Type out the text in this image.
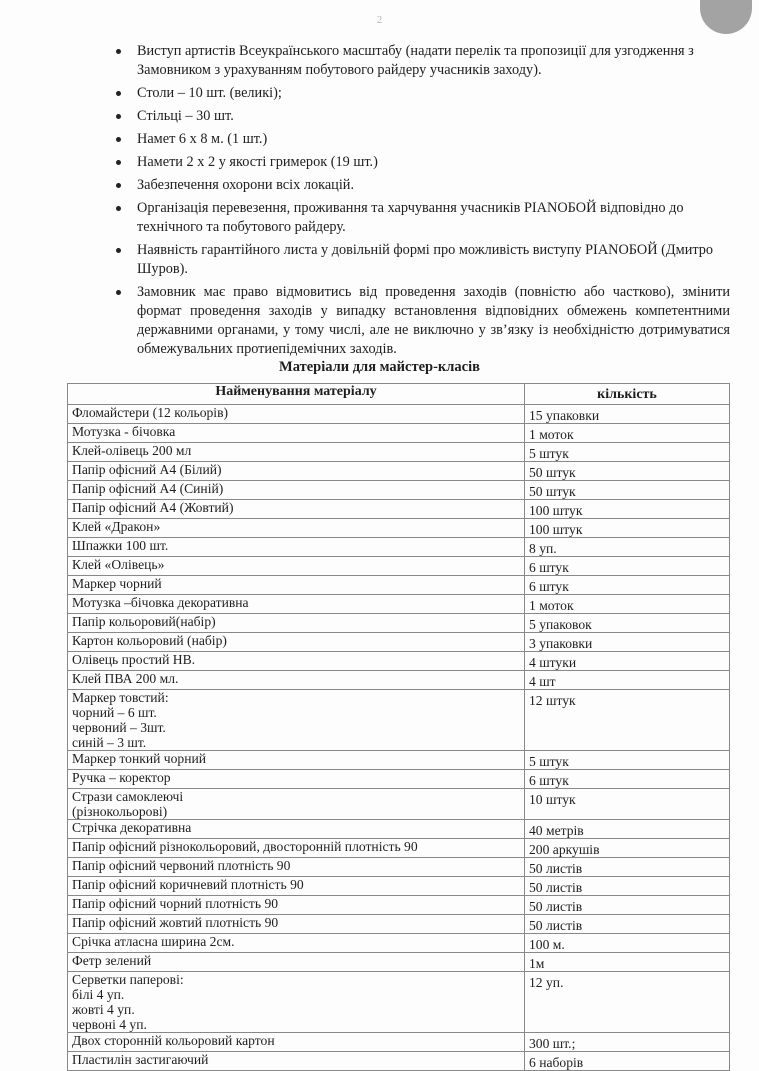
2
Виступ артистів Всеукраїнського масштабу (надати перелік та пропозиції для узгодження з Замовником з урахуванням побутового райдеру учасників заходу).
Столи – 10 шт. (великі);
Стільці – 30 шт.
Намет 6 х 8 м. (1 шт.)
Намети 2 х 2 у якості гримерок (19 шт.)
Забезпечення охорони всіх локацій.
Організація перевезення, проживання та харчування учасників PIANOБОЙ відповідно до технічного та побутового райдеру.
Наявність гарантійного листа у довільній формі про можливість виступу PIANOБОЙ (Дмитро Шуров).
Замовник має право відмовитись від проведення заходів (повністю або частково), змінити формат проведення заходів у випадку встановлення відповідних обмежень компетентними державними органами, у тому числі, але не виключно у зв’язку із необхідністю дотримуватися обмежувальних протиепідемічних заходів.
Матеріали для майстер-класів
Найменування матеріалу	кількість
Фломайстери (12 кольорів)	15 упаковки
Мотузка - бічовка	1 моток
Клей-олівець 200 мл	5 штук
Папір офісний А4 (Білий)	50 штук
Папір офісний А4 (Синій)	50 штук
Папір офісний А4 (Жовтий)	100 штук
Клей «Дракон»	100 штук
Шпажки 100 шт.	8 уп.
Клей «Олівець»	6 штук
Маркер чорний	6 штук
Мотузка –бічовка декоративна	1 моток
Папір кольоровий(набір)	5 упаковок
Картон кольоровий (набір)	3 упаковки
Олівець простий НВ.	4 штуки
Клей ПВА 200 мл.	4 шт

Маркер товстий:
чорний – 6 шт.
червоний – 3шт.
синій – 3 шт.	12 штук
Маркер тонкий чорний	5 штук
Ручка – коректор	6 штук

Стрази самоклеючі
(різнокольорові)	10 штук
Стрічка декоративна	40 метрів
Папір офісний різнокольоровий, двосторонній плотність 90	200 аркушів
Папір офісний червоний плотність 90	50 листів
Папір офісний коричневий плотність 90	50 листів
Папір офісний чорний плотність 90	50 листів
Папір офісний жовтий плотність 90	50 листів
Срічка атласна ширина 2см.	100 м.
Фетр зелений	1м

Серветки паперові:
білі 4 уп.
жовті 4 уп.
червоні 4 уп.	12 уп.
Двох сторонній кольоровий картон	300 шт.;
Пластилін застигаючий	6 наборів
